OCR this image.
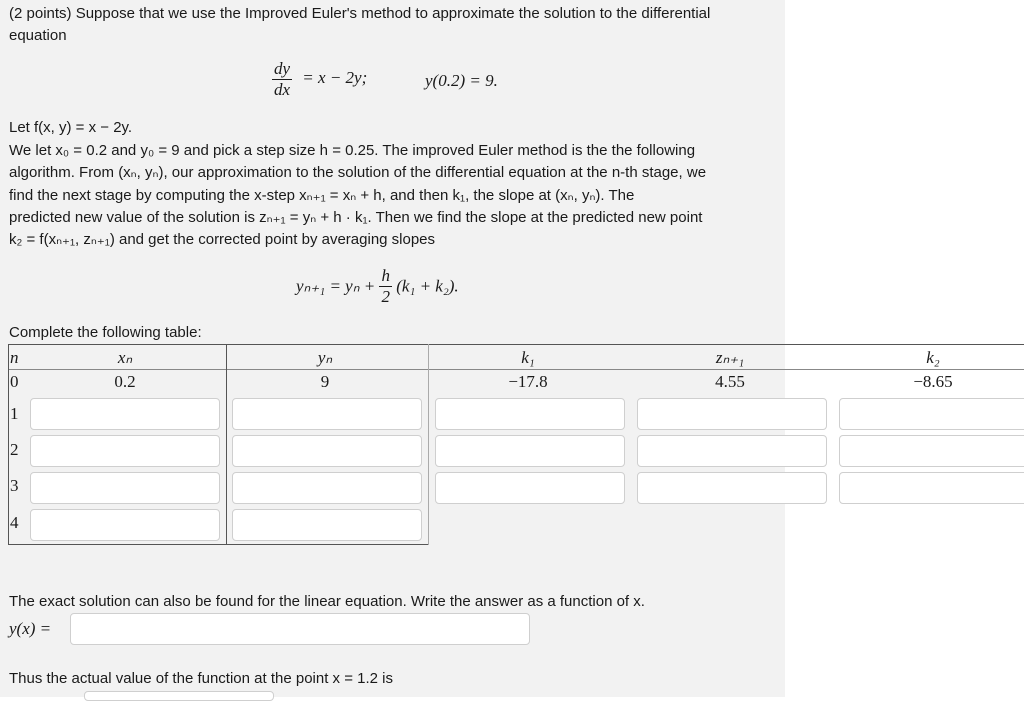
(2 points) Suppose that we use the Improved Euler's method to approximate the solution to the differential
equation
$\frac{dy}{dx} = x - 2y$;	y(0.2) = 9.
Let f(x, y) = x − 2y.
We let x₀ = 0.2 and y₀ = 9 and pick a step size h = 0.25. The improved Euler method is the the following
algorithm. From (xₙ, yₙ), our approximation to the solution of the differential equation at the n-th stage, we
find the next stage by computing the x-step xₙ₊₁ = xₙ + h, and then k₁, the slope at (xₙ, yₙ). The
predicted new value of the solution is zₙ₊₁ = yₙ + h · k₁. Then we find the slope at the predicted new point
k₂ = f(xₙ₊₁, zₙ₊₁) and get the corrected point by averaging slopes
$y_{n+1} = y_n + \frac{h}{2} (k_1 + k_2)$.
Complete the following table:
n	xₙ	yₙ	k₁	zₙ₊₁	k₂
0	0.2	9	−17.8	4.55	−8.65
1
2
3
4
The exact solution can also be found for the linear equation. Write the answer as a function of x.
y(x) =
Thus the actual value of the function at the point x = 1.2 is
